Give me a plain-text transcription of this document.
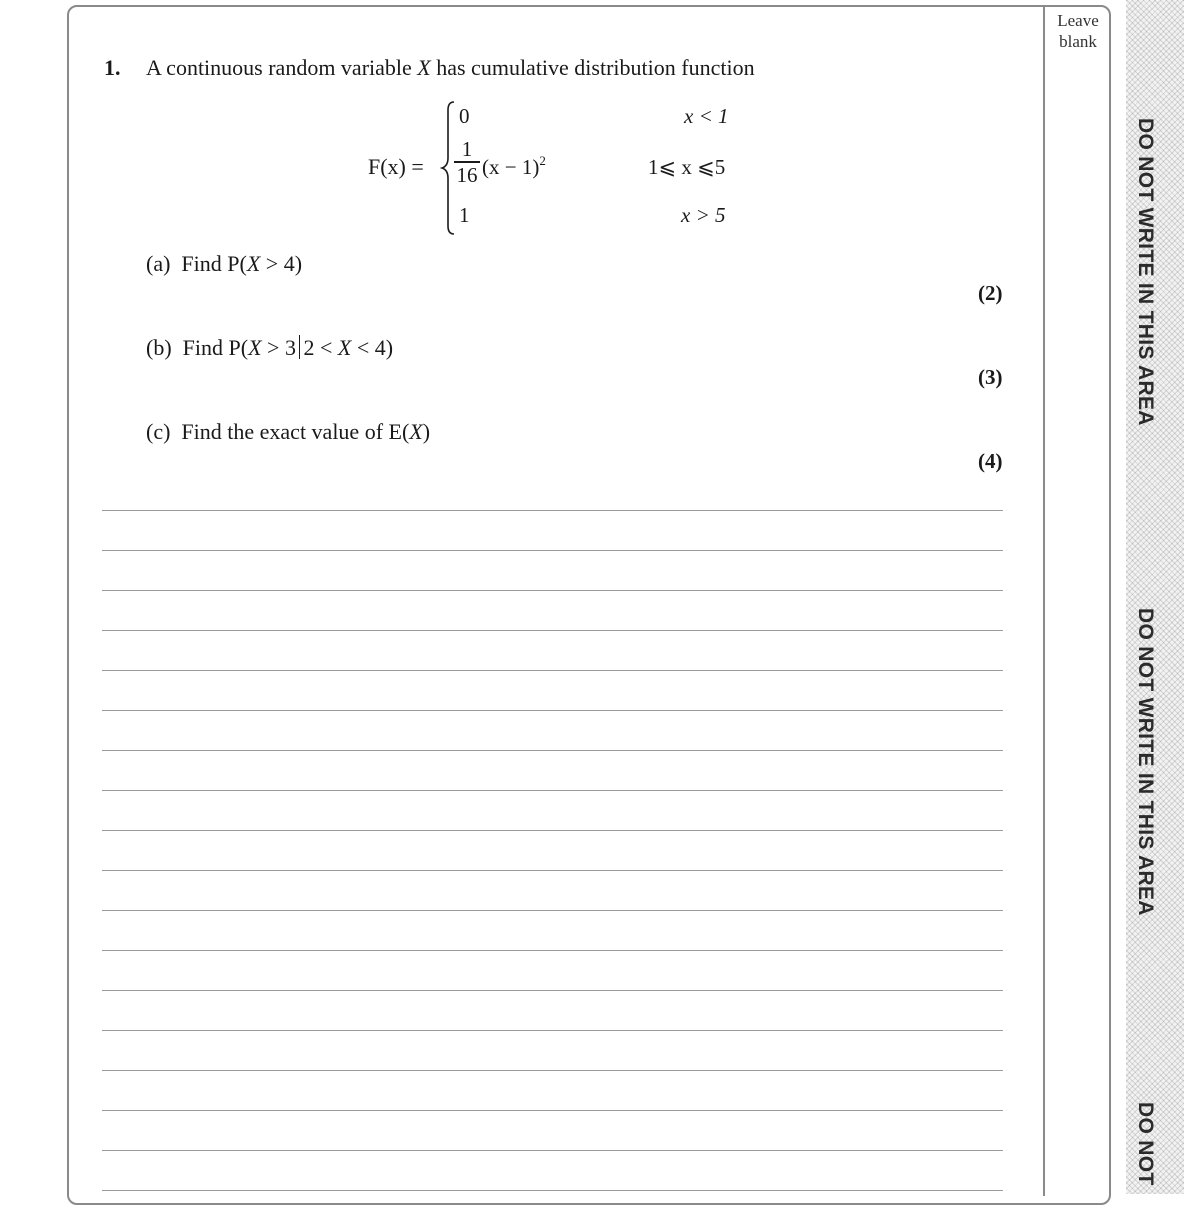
Leave
blank
DO NOT WRITE IN THIS AREA
DO NOT WRITE IN THIS AREA
DO NOT
1. A continuous random variable X has cumulative distribution function
F(x) =
0	x < 1
1
16 $(x - 1)^2$	1⩽ x ⩽5
1	x > 5
(a) Find P(X > 4)
(2)
(b) Find P(X > 3 2 < X < 4)
(3)
(c) Find the exact value of E(X)
(4)
